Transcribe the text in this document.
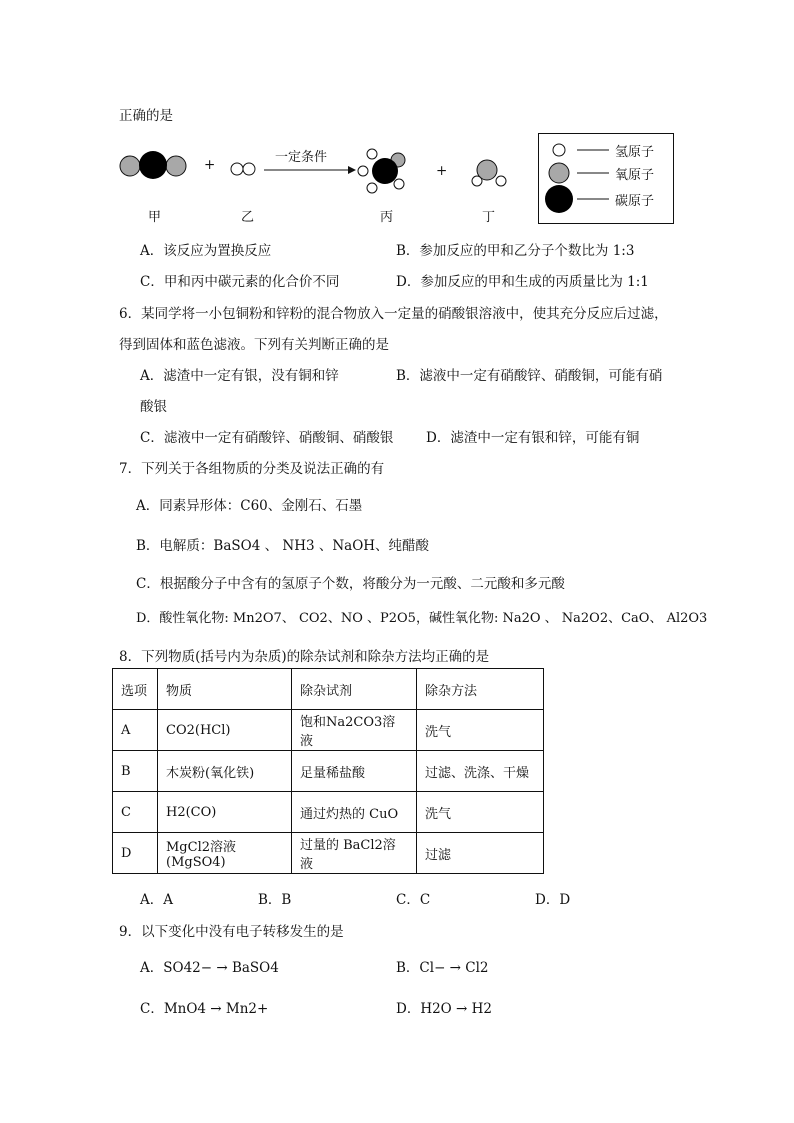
正确的是
+	+
一定条件
甲	乙	丙	丁
氢原子
氧原子
碳原子
A．该反应为置换反应	B．参加反应的甲和乙分子个数比为 1:3
C．甲和丙中碳元素的化合价不同	D．参加反应的甲和生成的丙质量比为 1:1
6．某同学将一小包铜粉和锌粉的混合物放入一定量的硝酸银溶液中，使其充分反应后过滤，
得到固体和蓝色滤液。下列有关判断正确的是
A．滤渣中一定有银，没有铜和锌	B．滤液中一定有硝酸锌、硝酸铜，可能有硝
酸银
C．滤液中一定有硝酸锌、硝酸铜、硝酸银 D．滤渣中一定有银和锌，可能有铜
7．下列关于各组物质的分类及说法正确的有
A．同素异形体：C60、金刚石、石墨
B．电解质：BaSO4 、 NH3 、NaOH、纯醋酸
C．根据酸分子中含有的氢原子个数，将酸分为一元酸、二元酸和多元酸
D．酸性氧化物: Mn2O7、 CO2、NO 、P2O5，碱性氧化物: Na2O 、 Na2O2、CaO、 Al2O3
8．下列物质(括号内为杂质)的除杂试剂和除杂方法均正确的是
选项	物质	除杂试剂	除杂方法
A	CO2(HCl)	饱和Na2CO3溶液	洗气
B	木炭粉(氧化铁)	足量稀盐酸	过滤、洗涤、干燥
C	H2(CO)	通过灼热的 CuO	洗气
D	MgCl2溶液(MgSO4)	过量的 BaCl2溶液	过滤
A．A	B．B	C．C	D．D
9．以下变化中没有电子转移发生的是
A．SO42− → BaSO4	B．Cl− → Cl2
C．MnO4 → Mn2+	D．H2O → H2
